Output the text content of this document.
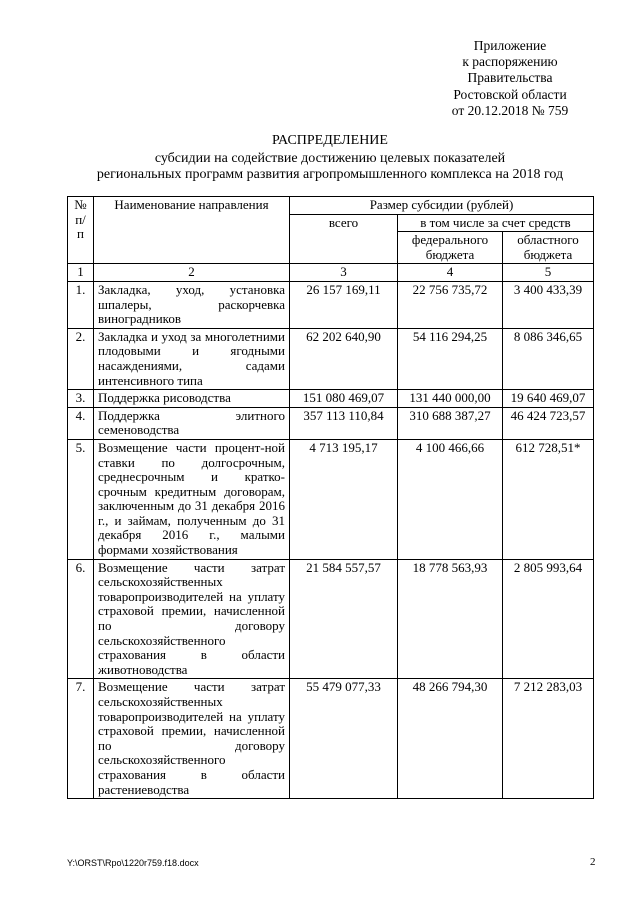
Приложение
к распоряжению
Правительства
Ростовской области
от 20.12.2018 № 759
РАСПРЕДЕЛЕНИЕ
субсидии на содействие достижению целевых показателей
региональных программ развития агропромышленного комплекса на 2018 год
№ п/п	Наименование направления	Размер субсидии (рублей)		
		всего	в том числе за счет средств	
			федерального бюджета	областного бюджета
1	2	3	4	5
1.	Закладка, уход, установка шпалеры, раскорчевка виноградников	26 157 169,11	22 756 735,72	3 400 433,39
2.	Закладка и уход за многолетними плодовыми и ягодными насаждениями, садами интенсивного типа	62 202 640,90	54 116 294,25	8 086 346,65
3.	Поддержка рисоводства	151 080 469,07	131 440 000,00	19 640 469,07
4.	Поддержка элитного семеноводства	357 113 110,84	310 688 387,27	46 424 723,57
5.	Возмещение части процент-ной ставки по долгосрочным, среднесрочным и кратко-срочным кредитным договорам, заключенным до 31 декабря 2016 г., и займам, полученным до 31 декабря 2016 г., малыми формами хозяйствования	4 713 195,17	4 100 466,66	612 728,51*
6.	Возмещение части затрат сельскохозяйственных товаропроизводителей на уплату страховой премии, начисленной по договору сельскохозяйственного страхования в области животноводства	21 584 557,57	18 778 563,93	2 805 993,64
7.	Возмещение части затрат сельскохозяйственных товаропроизводителей на уплату страховой премии, начисленной по договору сельскохозяйственного страхования в области растениеводства	55 479 077,33	48 266 794,30	7 212 283,03
Y:\ORST\Rpo\1220r759.f18.docx	2
